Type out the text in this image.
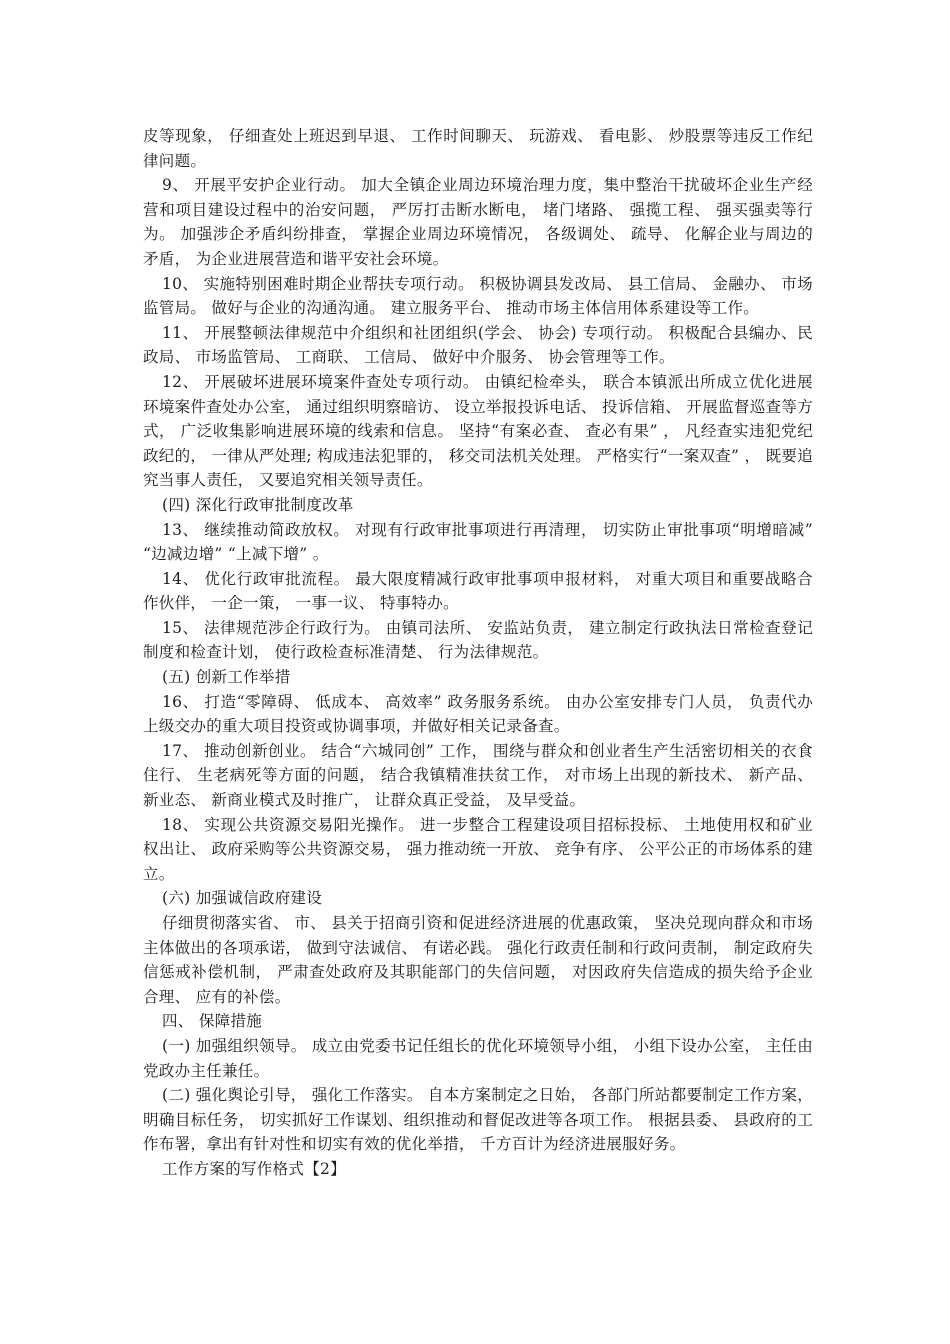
皮等现象， 仔细查处上班迟到早退、 工作时间聊天、 玩游戏、 看电影、 炒股票等违反工作纪律问题。

9、 开展平安护企业行动。 加大全镇企业周边环境治理力度，集中整治干扰破坏企业生产经营和项目建设过程中的治安问题， 严厉打击断水断电， 堵门堵路、 强揽工程、 强买强卖等行为。 加强涉企矛盾纠纷排查， 掌握企业周边环境情况， 各级调处、 疏导、 化解企业与周边的矛盾， 为企业进展营造和谐平安社会环境。

10、 实施特别困难时期企业帮扶专项行动。 积极协调县发改局、 县工信局、 金融办、 市场监管局。 做好与企业的沟通沟通。 建立服务平台、 推动市场主体信用体系建设等工作。

11、 开展整顿法律规范中介组织和社团组织(学会、 协会) 专项行动。 积极配合县编办、民政局、 市场监管局、 工商联、 工信局、 做好中介服务、 协会管理等工作。

12、 开展破坏进展环境案件查处专项行动。 由镇纪检牵头， 联合本镇派出所成立优化进展环境案件查处办公室， 通过组织明察暗访、 设立举报投诉电话、 投诉信箱、 开展监督巡查等方式， 广泛收集影响进展环境的线索和信息。 坚持“有案必查、 查必有果” ， 凡经查实违犯党纪政纪的， 一律从严处理; 构成违法犯罪的， 移交司法机关处理。 严格实行“一案双查” ， 既要追究当事人责任， 又要追究相关领导责任。

(四) 深化行政审批制度改革

13、 继续推动简政放权。 对现有行政审批事项进行再清理， 切实防止审批事项“明增暗减” “边减边增” “上减下增” 。

14、 优化行政审批流程。 最大限度精减行政审批事项申报材料， 对重大项目和重要战略合作伙伴， 一企一策， 一事一议、 特事特办。

15、 法律规范涉企行政行为。 由镇司法所、 安监站负责， 建立制定行政执法日常检查登记制度和检查计划， 使行政检查标准清楚、 行为法律规范。

(五) 创新工作举措

16、 打造“零障碍、 低成本、 高效率” 政务服务系统。 由办公室安排专门人员， 负责代办上级交办的重大项目投资或协调事项，并做好相关记录备查。

17、 推动创新创业。 结合“六城同创” 工作， 围绕与群众和创业者生产生活密切相关的衣食住行、 生老病死等方面的问题， 结合我镇精准扶贫工作， 对市场上出现的新技术、 新产品、 新业态、 新商业模式及时推广， 让群众真正受益， 及早受益。

18、 实现公共资源交易阳光操作。 进一步整合工程建设项目招标投标、 土地使用权和矿业权出让、 政府采购等公共资源交易， 强力推动统一开放、 竞争有序、 公平公正的市场体系的建立。

(六) 加强诚信政府建设

仔细贯彻落实省、 市、 县关于招商引资和促进经济进展的优惠政策， 坚决兑现向群众和市场主体做出的各项承诺， 做到守法诚信、 有诺必践。 强化行政责任制和行政问责制， 制定政府失信惩戒补偿机制， 严肃查处政府及其职能部门的失信问题， 对因政府失信造成的损失给予企业合理、 应有的补偿。

四、 保障措施

(一) 加强组织领导。 成立由党委书记任组长的优化环境领导小组， 小组下设办公室， 主任由党政办主任兼任。

(二) 强化舆论引导， 强化工作落实。 自本方案制定之日始， 各部门所站都要制定工作方案， 明确目标任务， 切实抓好工作谋划、组织推动和督促改进等各项工作。 根据县委、 县政府的工作布署，拿出有针对性和切实有效的优化举措， 千方百计为经济进展服好务。

工作方案的写作格式【2】
